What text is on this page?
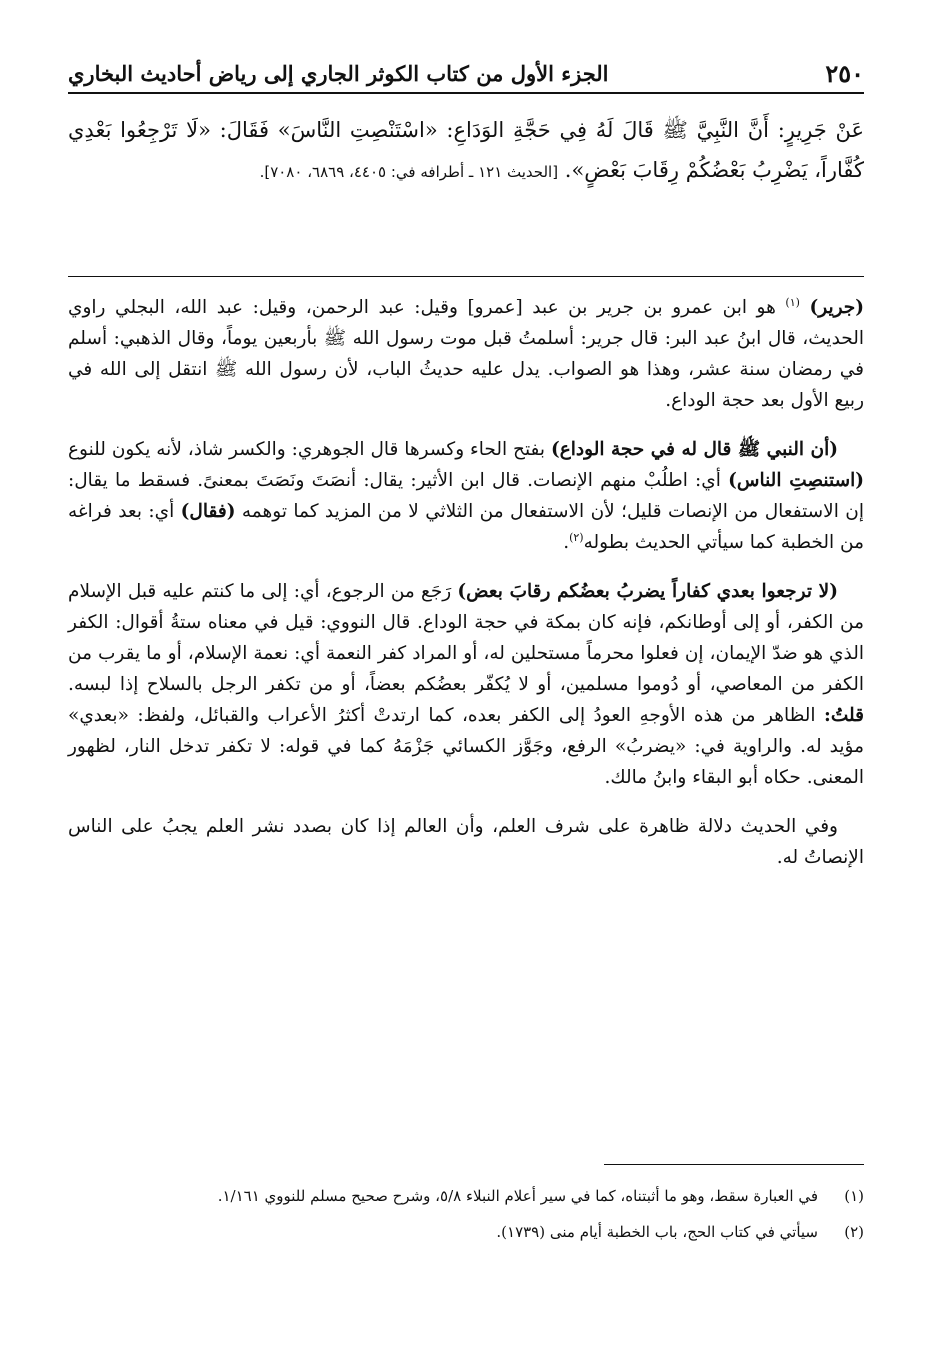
٢٥٠
الجزء الأول من كتاب الكوثر الجاري إلى رياض أحاديث البخاري
عَنْ جَرِيرٍ: أَنَّ النَّبِيَّ ﷺ قَالَ لَهُ فِي حَجَّةِ الوَدَاعِ: «اسْتَنْصِتِ النَّاسَ» فَقَالَ: «لَا تَرْجِعُوا بَعْدِي كُفَّاراً، يَضْرِبُ بَعْضُكُمْ رِقَابَ بَعْضٍ». [الحديث ١٢١ ـ أطرافه في: ٤٤٠٥، ٦٨٦٩، ٧٠٨٠].

(جرير) $^{(١)}$ هو ابن عمرو بن جرير بن عبد [عمرو] وقيل: عبد الرحمن، وقيل: عبد الله، البجلي راوي الحديث، قال ابنُ عبد البر: قال جرير: أسلمتُ قبل موت رسول الله ﷺ بأربعين يوماً، وقال الذهبي: أسلم في رمضان سنة عشر، وهذا هو الصواب. يدل عليه حديثُ الباب، لأن رسول الله ﷺ انتقل إلى الله في ربيع الأول بعد حجة الوداع.

(أن النبي ﷺ قال له في حجة الوداع) بفتح الحاء وكسرها قال الجوهري: والكسر شاذ، لأنه يكون للنوع (استنصِتِ الناس) أي: اطلُبْ منهم الإنصات. قال ابن الأثير: يقال: أنصَتَ ونَصَتَ بمعنىً. فسقط ما يقال: إن الاستفعال من الإنصات قليل؛ لأن الاستفعال من الثلاثي لا من المزيد كما توهمه (فقال) أي: بعد فراغه من الخطبة كما سيأتي الحديث بطوله$^{(٢)}$.

(لا ترجعوا بعدي كفاراً يضربُ بعضُكم رقابَ بعض) رَجَع من الرجوع، أي: إلى ما كنتم عليه قبل الإسلام من الكفر، أو إلى أوطانكم، فإنه كان بمكة في حجة الوداع. قال النووي: قيل في معناه ستةُ أقوال: الكفر الذي هو ضدّ الإيمان، إن فعلوا محرماً مستحلين له، أو المراد كفر النعمة أي: نعمة الإسلام، أو ما يقرب من الكفر من المعاصي، أو دُوموا مسلمين، أو لا يُكفّر بعضُكم بعضاً، أو من تكفر الرجل بالسلاح إذا لبسه. قلتُ: الظاهر من هذه الأوجهِ العودُ إلى الكفر بعده، كما ارتدتْ أكثرُ الأعراب والقبائل، ولفظ: «بعدي» مؤيد له. والراوية في: «يضربُ» الرفع، وجَوَّز الكسائي جَزْمَهُ كما في قوله: لا تكفر تدخل النار، لظهور المعنى. حكاه أبو البقاء وابنُ مالك.

وفي الحديث دلالة ظاهرة على شرف العلم، وأن العالم إذا كان بصدد نشر العلم يجبُ على الناس الإنصاتُ له.

(١)
في العبارة سقط، وهو ما أثبتناه، كما في سير أعلام النبلاء ٥/٨، وشرح صحيح مسلم للنووي ١/١٦١.
(٢)
سيأتي في كتاب الحج، باب الخطبة أيام منى (١٧٣٩).
